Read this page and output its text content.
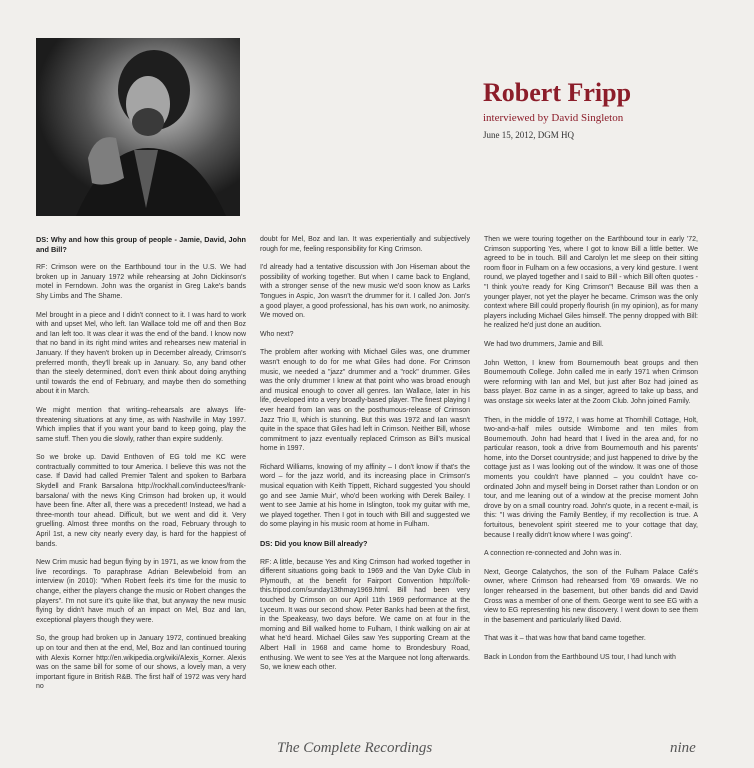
Robert Fripp
interviewed by David Singleton
June 15, 2012, DGM HQ

DS: Why and how this group of people - Jamie, David, John and Bill?

RF: Crimson were on the Earthbound tour in the U.S. We had broken up in January 1972 while rehearsing at John Dickinson's motel in Ferndown. John was the organist in Greg Lake's bands Shy Limbs and The Shame.

Mel brought in a piece and I didn't connect to it. I was hard to work with and upset Mel, who left. Ian Wallace told me off and then Boz and Ian left too. It was clear it was the end of the band. I know now that no band in its right mind writes and rehearses new material in January. If they haven't broken up in December already, Crimson's preferred month, they'll break up in January. So, any band other than the steely determined, don't even think about doing anything until towards the end of February, and maybe then do something about it in March.

We might mention that writing–rehearsals are always life-threatening situations at any time, as with Nashville in May 1997. Which implies that if you want your band to keep going, play the same stuff. Then you die slowly, rather than expire suddenly.

So we broke up. David Enthoven of EG told me KC were contractually committed to tour America. I believe this was not the case. If David had called Premier Talent and spoken to Barbara Skydell and Frank Barsalona http://rockhall.com/inductees/frank-barsalona/ with the news King Crimson had broken up, it would have been fine. After all, there was a precedent! Instead, we had a three-month tour ahead. Difficult, but we went and did it. Very gruelling. Almost three months on the road, February through to April 1st, a new city nearly every day, is hard for the happiest of bands.

New Crim music had begun flying by in 1971, as we know from the live recordings. To paraphrase Adrian Belewbeloid from an interview (in 2010): "When Robert feels it's time for the music to change, either the players change the music or Robert changes the players". I'm not sure it's quite like that, but anyway the new music flying by didn't have much of an impact on Mel, Boz and Ian, exceptional players though they were.

So, the group had broken up in January 1972, continued breaking up on tour and then at the end, Mel, Boz and Ian continued touring with Alexis Korner http://en.wikipedia.org/wiki/Alexis_Korner. Alexis was on the same bill for some of our shows, a lovely man, a very important figure in British R&B. The first half of 1972 was very hard no

doubt for Mel, Boz and Ian. It was experientially and subjectively rough for me, feeling responsibility for King Crimson.

I'd already had a tentative discussion with Jon Hiseman about the possibility of working together. But when I came back to England, with a stronger sense of the new music we'd soon know as Larks Tongues in Aspic, Jon wasn't the drummer for it. I called Jon. Jon's a good player, a good professional, has his own work, no animosity. We moved on.

Who next?

The problem after working with Michael Giles was, one drummer wasn't enough to do for me what Giles had done. For Crimson music, we needed a "jazz" drummer and a "rock" drummer. Giles was the only drummer I knew at that point who was broad enough and musical enough to cover all genres. Ian Wallace, later in his life, developed into a very broadly-based player. The finest playing I ever heard from Ian was on the posthumous-release of Crimson Jazz Trio II, which is stunning. But this was 1972 and Ian wasn't quite in the space that Giles had left in Crimson. Neither Bill, whose commitment to jazz eventually replaced Crimson as Bill's musical home in 1997.

Richard Williams, knowing of my affinity – I don't know if that's the word – for the jazz world, and its increasing place in Crimson's musical equation with Keith Tippett, Richard suggested 'you should go and see Jamie Muir', who'd been working with Derek Bailey. I went to see Jamie at his home in Islington, took my guitar with me, we played together. Then I got in touch with Bill and suggested we do some playing in his music room at home in Fulham.

DS: Did you know Bill already?

RF: A little, because Yes and King Crimson had worked together in different situations going back to 1969 and the Van Dyke Club in Plymouth, at the benefit for Fairport Convention http://folk-this.tripod.com/sunday13thmay1969.html. Bill had been very touched by Crimson on our April 11th 1969 performance at the Lyceum. It was our second show. Peter Banks had been at the first, in the Speakeasy, two days before. We came on at four in the morning and Bill walked home to Fulham, I think walking on air at what he'd heard. Michael Giles saw Yes supporting Cream at the Albert Hall in 1968 and came home to Brondesbury Road, enthusing. We went to see Yes at the Marquee not long afterwards. So, we knew each other.

Then we were touring together on the Earthbound tour in early '72, Crimson supporting Yes, where I got to know Bill a little better. We agreed to be in touch. Bill and Carolyn let me sleep on their sitting room floor in Fulham on a few occasions, a very kind gesture. I went round, we played together and I said to Bill - which Bill often quotes - "I think you're ready for King Crimson"! Because Bill was then a younger player, not yet the player he became. Crimson was the only context where Bill could properly flourish (in my opinion), as for many players including Michael Giles himself. The penny dropped with Bill: he realized he'd just done an audition.

We had two drummers, Jamie and Bill.

John Wetton, I knew from Bournemouth beat groups and then Bournemouth College. John called me in early 1971 when Crimson were reforming with Ian and Mel, but just after Boz had joined as bass player. Boz came in as a singer, agreed to take up bass, and was onstage six weeks later at the Zoom Club. John joined Family.

Then, in the middle of 1972, I was home at Thornhill Cottage, Holt, two-and-a-half miles outside Wimborne and ten miles from Bournemouth. John had heard that I lived in the area and, for no particular reason, took a drive from Bournemouth and his parents' home, into the Dorset countryside; and just happened to drive by the cottage just as I was looking out of the window. It was one of those moments you couldn't have planned – you couldn't have co-ordinated John and myself being in Dorset rather than London or on tour, and me leaning out of a window at the precise moment John drove by on a small country road. John's quote, in a recent e-mail, is this: "I was driving the Family Bentley, if my recollection is true. A fortuitous, benevolent spirit steered me to your cottage that day, because I really didn't know where I was going".

A connection re-connected and John was in.

Next, George Calatychos, the son of the Fulham Palace Café's owner, where Crimson had rehearsed from '69 onwards. We no longer rehearsed in the basement, but other bands did and David Cross was a member of one of them. George went to see EG with a view to EG representing his new discovery. I went down to see them in the basement and particularly liked David.

That was it – that was how that band came together.

Back in London from the Earthbound US tour, I had lunch with

The Complete Recordings	nine
